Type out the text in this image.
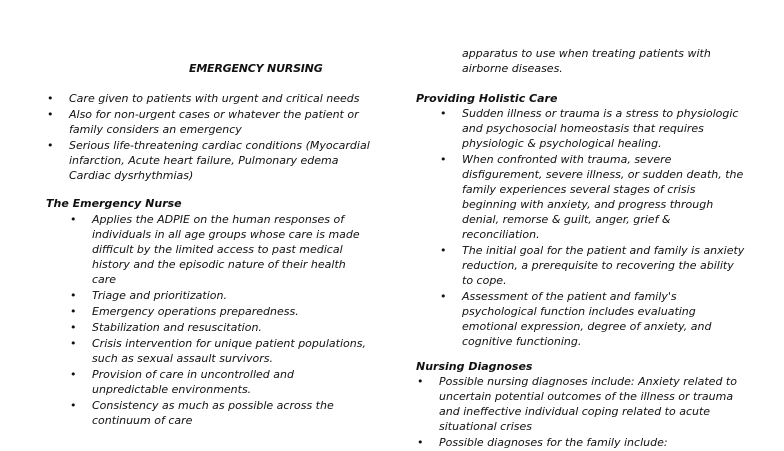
EMERGENCY NURSING
• Care given to patients with urgent and critical needs
• Also for non-urgent cases or whatever the patient or family considers an emergency
• Serious life-threatening cardiac conditions (Myocardial infarction, Acute heart failure, Pulmonary edema Cardiac dysrhythmias)
The Emergency Nurse
• Applies the ADPIE on the human responses of individuals in all age groups whose care is made difficult by the limited access to past medical history and the episodic nature of their health care
• Triage and prioritization.
• Emergency operations preparedness.
• Stabilization and resuscitation.
• Crisis intervention for unique patient populations, such as sexual assault survivors.
• Provision of care in uncontrolled and unpredictable environments.
• Consistency as much as possible across the continuum of care
apparatus to use when treating patients with airborne diseases.
Providing Holistic Care
• Sudden illness or trauma is a stress to physiologic and psychosocial homeostasis that requires physiologic & psychological healing.
• When confronted with trauma, severe disfigurement, severe illness, or sudden death, the family experiences several stages of crisis beginning with anxiety, and progress through denial, remorse & guilt, anger, grief & reconciliation.
• The initial goal for the patient and family is anxiety reduction, a prerequisite to recovering the ability to cope.
• Assessment of the patient and family's psychological function includes evaluating emotional expression, degree of anxiety, and cognitive functioning.
Nursing Diagnoses
• Possible nursing diagnoses include: Anxiety related to uncertain potential outcomes of the illness or trauma and ineffective individual coping related to acute situational crises
• Possible diagnoses for the family include:
